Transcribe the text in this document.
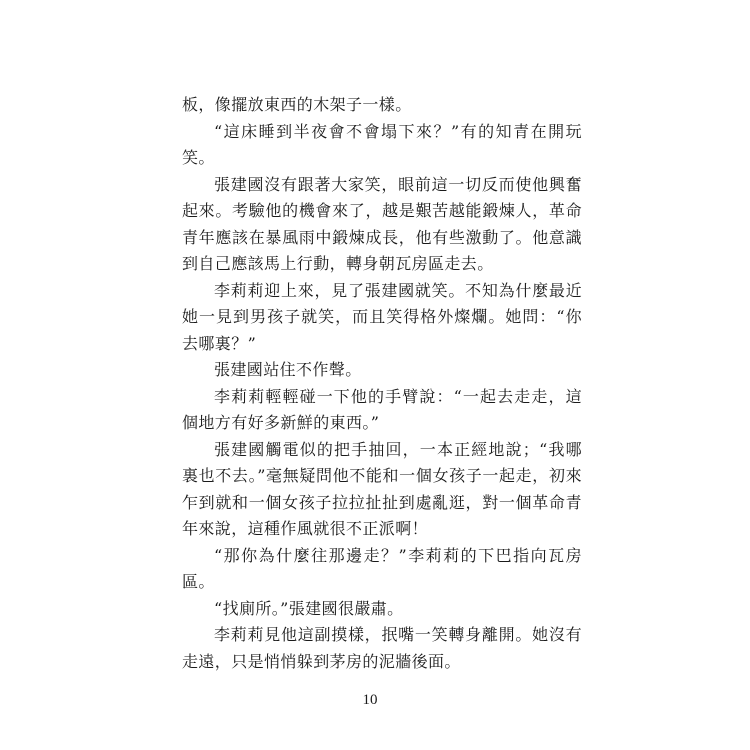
板，像擺放東西的木架子一樣。

“這床睡到半夜會不會塌下來？”有的知青在開玩笑。

張建國沒有跟著大家笑，眼前這一切反而使他興奮起來。考驗他的機會來了，越是艱苦越能鍛煉人，革命青年應該在暴風雨中鍛煉成長，他有些激動了。他意識到自己應該馬上行動，轉身朝瓦房區走去。

李莉莉迎上來，見了張建國就笑。不知為什麼最近她一見到男孩子就笑，而且笑得格外燦爛。她問：“你去哪裏？”

張建國站住不作聲。

李莉莉輕輕碰一下他的手臂說：“一起去走走，這個地方有好多新鮮的東西。”

張建國觸電似的把手抽回，一本正經地說；“我哪裏也不去。”毫無疑問他不能和一個女孩子一起走，初來乍到就和一個女孩子拉拉扯扯到處亂逛，對一個革命青年來說，這種作風就很不正派啊！

“那你為什麼往那邊走？”李莉莉的下巴指向瓦房區。

“找廁所。”張建國很嚴肅。

李莉莉見他這副摸樣，抿嘴一笑轉身離開。她沒有走遠，只是悄悄躲到茅房的泥牆後面。

10
